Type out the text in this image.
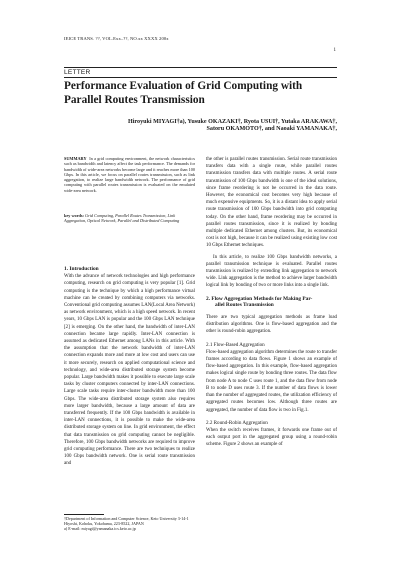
IEICE TRANS. ??, VOL.Exx–??, NO.xx XXXX 200x
1
LETTER
Performance Evaluation of Grid Computing with Parallel Routes Transmission
Hiroyuki MIYAGI†a), Yusuke OKAZAKI†, Ryota USUI†, Yutaka ARAKAWA†,
Satoru OKAMOTO†, and Naoaki YAMANAKA†,
SUMMARY In a grid computing environment, the network characteristics such as bandwidth and latency affect the task performance. The demands for bandwidth of wide-area networks become large and it reaches more than 100 Gbps. In this article, we focus on parallel routes transmission, such as link aggregation, to realize large bandwidth network. The performance of grid computing with parallel routes transmission is evaluated on the emulated wide-area network.
key words: Grid Computing, Parallel Routes Transmission, Link Aggregation, Optical Network, Parallel and Distributed Computing

1. Introduction

With the advance of network technologies and high performance computing, research on grid computing is very popular [1]. Grid computing is the technique by which a high performance virtual machine can be created by combining computers via networks. Conventional grid computing assumes LAN(Local Area Network) as network environment, which is a high speed network. In recent years, 10 Gbps LAN is popular and the 100 Gbps LAN technique [2] is emerging. On the other hand, the bandwidth of inter-LAN connection became large rapidly. Inter-LAN connection is assumed as dedicated Ethernet among LANs in this article. With the assumption that the network bandwidth of inter-LAN connection expands more and more at low cost and users can use it more securely, research on applied computational science and technology, and wide-area distributed storage system become popular. Large bandwidth makes it possible to execute large scale tasks by cluster computers connected by inter-LAN connections. Large scale tasks require inter-cluster bandwidth more than 100 Gbps. The wide-area distributed storage system also requires more larger bandwidth, because a large amount of data are transferred frequently. If the 100 Gbps bandwidth is available in inter-LAN connections, it is possible to make the wide-area distributed storage system on line. In grid environment, the effect that data transmission on grid computing cannot be negligible. Therefore, 100 Gbps bandwidth networks are required to improve grid computing performance. There are two techniques to realize 100 Gbps bandwidth network. One is serial route transmission and

the other is parallel routes transmission. Serial route transmission transfers data with a single route, while parallel routes transmission transfers data with multiple routes. A serial route transmission of 100 Gbps bandwidth is one of the ideal solutions, since frame reordering is not be occurred in the data route. However, the economical cost becomes very high because of much expensive equipments. So, it is a distant idea to apply serial route transmission of 100 Gbps bandwidth into grid computing today. On the other hand, frame reordering may be occurred in parallel routes transmission, since it is realized by bonding multiple dedicated Ethernet among clusters. But, its economical cost is not high, because it can be realized using existing low cost 10 Gbps Ethernet techniques.

In this article, to realize 100 Gbps bandwidth networks, a parallel transmission technique is evaluated. Parallel routes transmission is realized by extending link aggregation to network wide. Link aggregation is the method to achieve larger bandwidth logical link by bonding of two or more links into a single link.

2. Flow Aggregation Methods for Making Par-

allel Routes Transmission

There are two typical aggregation methods as frame load distribution algorithms. One is flow-based aggregation and the other is round-robin aggregation.

2.1 Flow-Based Aggregation

Flow-based aggregation algorithm determines the route to transfer frames according to data flows. Figure 1 shows an example of flow-based aggregation. In this example, flow-based aggregation makes logical single route by bonding three routes. The data flow from node A to node C uses route 1, and the data flow from node B to node D uses route 3. If the number of data flows is lower than the number of aggregated routes, the utilization efficiency of aggregated routes becomes low. Although three routes are aggregated, the number of data flow is two in Fig.1.

2.2 Round-Robin Aggregation

When the switch receives frames, it forwards one frame out of each output port in the aggregated group using a round-robin scheme. Figure 2 shows an example of

†Department of Information and Computer Science, Keio University 3-14-1 Hiyoshi, Kohoku, Yokohama, 223-8522, JAPAN

a) E-mail: miyagi@yamanaka.ics.keio.ac.jp
